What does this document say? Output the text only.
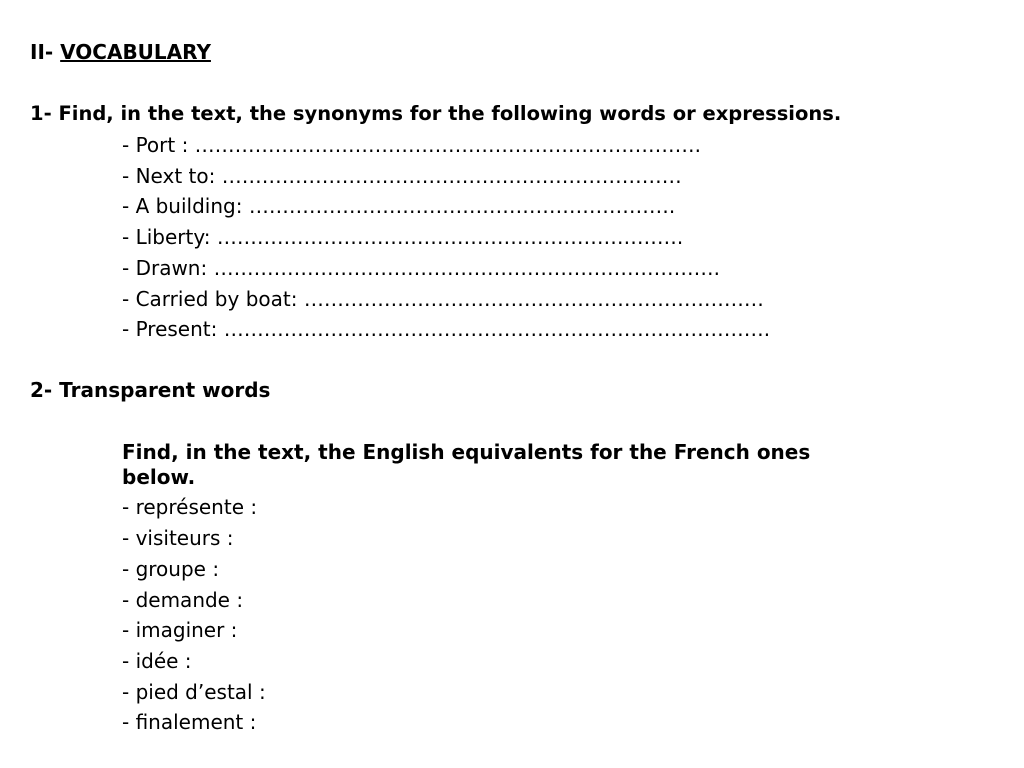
II- VOCABULARY
1- Find, in the text, the synonyms for the following words or expressions.
- Port : ………………………………………………………………….
- Next to: ……………………………………………………………
- A building: ……………………………………………………….
- Liberty: …………………………………………………………….
- Drawn: ………………………………………………………………….
- Carried by boat: ……………………………………………………………
- Present: ……………………………………………………………………….
2- Transparent words
Find, in the text, the English equivalents for the French ones
below.
- représente :
- visiteurs :
- groupe :
- demande :
- imaginer :
- idée :
- pied d’estal :
- finalement :
